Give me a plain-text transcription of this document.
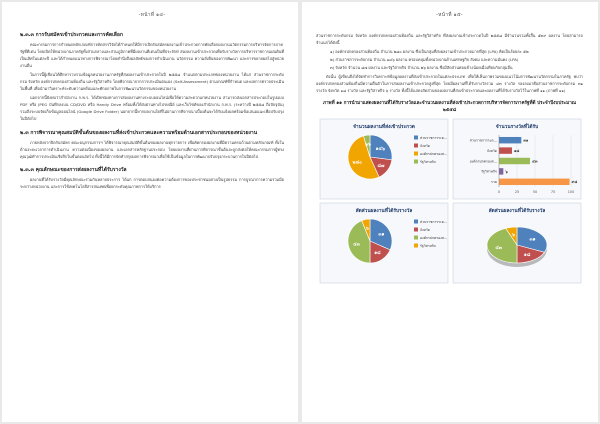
-หน้าที่ ๑๔-
๒.๓.๓ การรับสมัครเข้าประกวดและการคัดเลือก

คณะกรรมการการกำหนดหลักเกณฑ์การคัดสรรวิจัยได้กำหนดให้มีการเปิดรับสมัครผลงานเข้าประกวดการคัดเลือกผลงานนวัตกรรมการบริหารจัดการภาครัฐที่ดีเด่น โดยเปิดให้หน่วยงานภาครัฐทั้งส่วนกลางและส่วนภูมิภาคที่มีผลงานดีเด่นเป็นที่ประจักษ์ ส่งผลงานเข้าประกวดเพื่อรับรางวัลการบริหารราชการแผ่นดินที่เป็นเลิศในแต่ละปี และได้กำหนดแนวทางการพิจารณาโดยคำนึงถึงผลลัพธ์ของการดำเนินงาน นวัตกรรม ความยั่งยืนของการพัฒนา และการขยายผลไปสู่หน่วยงานอื่น

ในการนี้ผู้เขียนได้ศึกษารวบรวมข้อมูลหน่วยงานภาครัฐที่ส่งผลงานเข้าประกวดในปี ๒๕๕๘ จำแนกตามประเภทของหน่วยงาน ได้แก่ ส่วนราชการระดับกรม จังหวัด องค์กรปกครองส่วนท้องถิ่น และรัฐวิสาหกิจ โดยพิจารณาจากการประเมินตนเอง (Self-Assessment) ตามเกณฑ์ที่กำหนด และผลการตรวจประเมินในพื้นที่ เพื่อนำมาวิเคราะห์ระดับความพร้อมและศักยภาพในการพัฒนานวัตกรรมของหน่วยงาน

นอกจากนี้ยังพบว่าสำนักงาน ก.พ.ร. ได้เปิดช่องทางการส่งผลงานทางระบบออนไลน์เพื่อให้ความสะดวกแก่หน่วยงาน สามารถส่งเอกสารประกอบในรูปแบบ PDF หรือ JPEG บันทึกลงบน CD/DVD หรือ Handy Drive พร้อมทั้งให้ส่งผ่านทางไปรษณีย์ และเว็บไซต์ของสำนักงาน ก.พ.ร. (ระหว่างปี ๒๕๕๘ ถึงปัจจุบัน) รวมถึงระบบจัดเก็บข้อมูลออนไลน์ (Google Drive Folder) นอกจากนี้หากผลงานใดที่ไม่ผ่านการพิจารณาเบื้องต้นจะได้รับแจ้งผลพร้อมข้อเสนอแนะเพื่อปรับปรุงในปีถัดไป

๒.๓ การพิจารณาคุณสมบัติขั้นต้นของผลงานที่ส่งเข้าประกวดและความพร้อมด้านเอกสารประกอบของหน่วยงาน

ภายหลังจากปิดรับสมัคร คณะอนุกรรมการฯ ได้พิจารณาคุณสมบัติขั้นต้นของผลงานทุกรายการ เพื่อคัดกรองผลงานที่มีความครบถ้วนตามหลักเกณฑ์ ทั้งในด้านระยะเวลาการดำเนินงาน ความต่อเนื่องของผลงาน และเอกสารหลักฐานประกอบ โดยผลงานที่ผ่านการพิจารณาขั้นต้นจะถูกส่งต่อให้คณะกรรมการผู้ทรงคุณวุฒิทำการประเมินเชิงลึกในขั้นตอนถัดไป ทั้งนี้ได้มีการจัดทำสรุปผลการพิจารณาเพื่อใช้เป็นข้อมูลในการพัฒนาปรับปรุงกระบวนการในปีต่อไป

๒.๓.๓ คุณลักษณะของการส่งผลงานที่ได้รับรางวัล

ผลงานที่ได้รับรางวัลมีคุณลักษณะร่วมกันหลายประการ ได้แก่ การตอบสนองต่อความต้องการของประชาชนอย่างเป็นรูปธรรม การบูรณาการความร่วมมือระหว่างหน่วยงาน และการใช้เทคโนโลยีสารสนเทศเพื่อยกระดับคุณภาพการให้บริการ

-หน้าที่ ๑๕-

ส่วนราชการระดับกรม จังหวัด องค์กรปกครองส่วนท้องถิ่น และรัฐวิสาหกิจ ที่ส่งผลงานเข้าประกวดในปี ๒๕๕๘ มีจำนวนรวมทั้งสิ้น ๕๓๙ ผลงาน โดยสามารถจำแนกได้ดังนี้

๑) องค์กรปกครองส่วนท้องถิ่น จำนวน ๒๘๐ ผลงาน ซึ่งเป็นกลุ่มที่ส่งผลงานเข้าประกวดมากที่สุด (LPA) คิดเป็นร้อยละ ๕๒

๒) ส่วนราชการระดับกรม จำนวน ๑๔๖ ผลงาน ครอบคลุมทั้งหน่วยงานด้านเศรษฐกิจ สังคม และความมั่นคง (LPA)

๓) จังหวัด จำนวน ๘๗ ผลงาน และรัฐวิสาหกิจ จำนวน ๒๖ ผลงาน ซึ่งมีสัดส่วนค่อนข้างน้อยเมื่อเทียบกับกลุ่มอื่น

ดังนั้น ผู้เขียนจึงได้จัดทำการวิเคราะห์ข้อมูลผลงานที่ส่งเข้าประกวดในแต่ละประเภท เพื่อให้เห็นภาพรวมของแนวโน้มการพัฒนานวัตกรรมในภาครัฐ พบว่าองค์กรปกครองส่วนท้องถิ่นมีความตื่นตัวในการส่งผลงานเข้าประกวดสูงที่สุด โดยมีผลงานที่ได้รับรางวัลรวม ๔๓ รางวัล รองลงมาคือส่วนราชการระดับกรม ๓๑ รางวัล จังหวัด ๑๘ รางวัล และรัฐวิสาหกิจ ๖ รางวัล ทั้งนี้ได้แสดงสัดส่วนของผลงานที่ส่งเข้าประกวดและผลงานที่ได้รับรางวัลไว้ในภาพที่ ๑๑ (ภาพที่ ๑๑)

ภาพที่ ๑๑ การนำมาแสดงผลงานที่ได้รับรางวัลและจำนวนผลงานที่ส่งเข้าประกวดการบริหารจัดการภาครัฐที่ดี ประจำปีงบประมาณ ๒๕๕๘
จำนวนผลงานที่ส่งเข้าประกวด
๑๔๖
๘๗
๒๘๐
๒๖
ส่วนราชการระด…
จังหวัด
องค์กรปกครองส…
รัฐวิสาหกิจ
จำนวนรางวัลที่ได้รับ
0	25	50	75	100
ส่วนราชการระด…	๓๑
จังหวัด	๑๘
องค์กรปกครองส…	๔๓
รัฐวิสาหกิจ ๖
รวม	๙๘
สัดส่วนผลงานที่ได้รับรางวัล
๓๑
๑๘
๔๓
๖
ส่วนราชการระด…
จังหวัด
องค์กรปกครองส…
รัฐวิสาหกิจ
สัดส่วนผลงานที่ได้รับรางวัล
๓๑
๑๘
๔๓
๖
